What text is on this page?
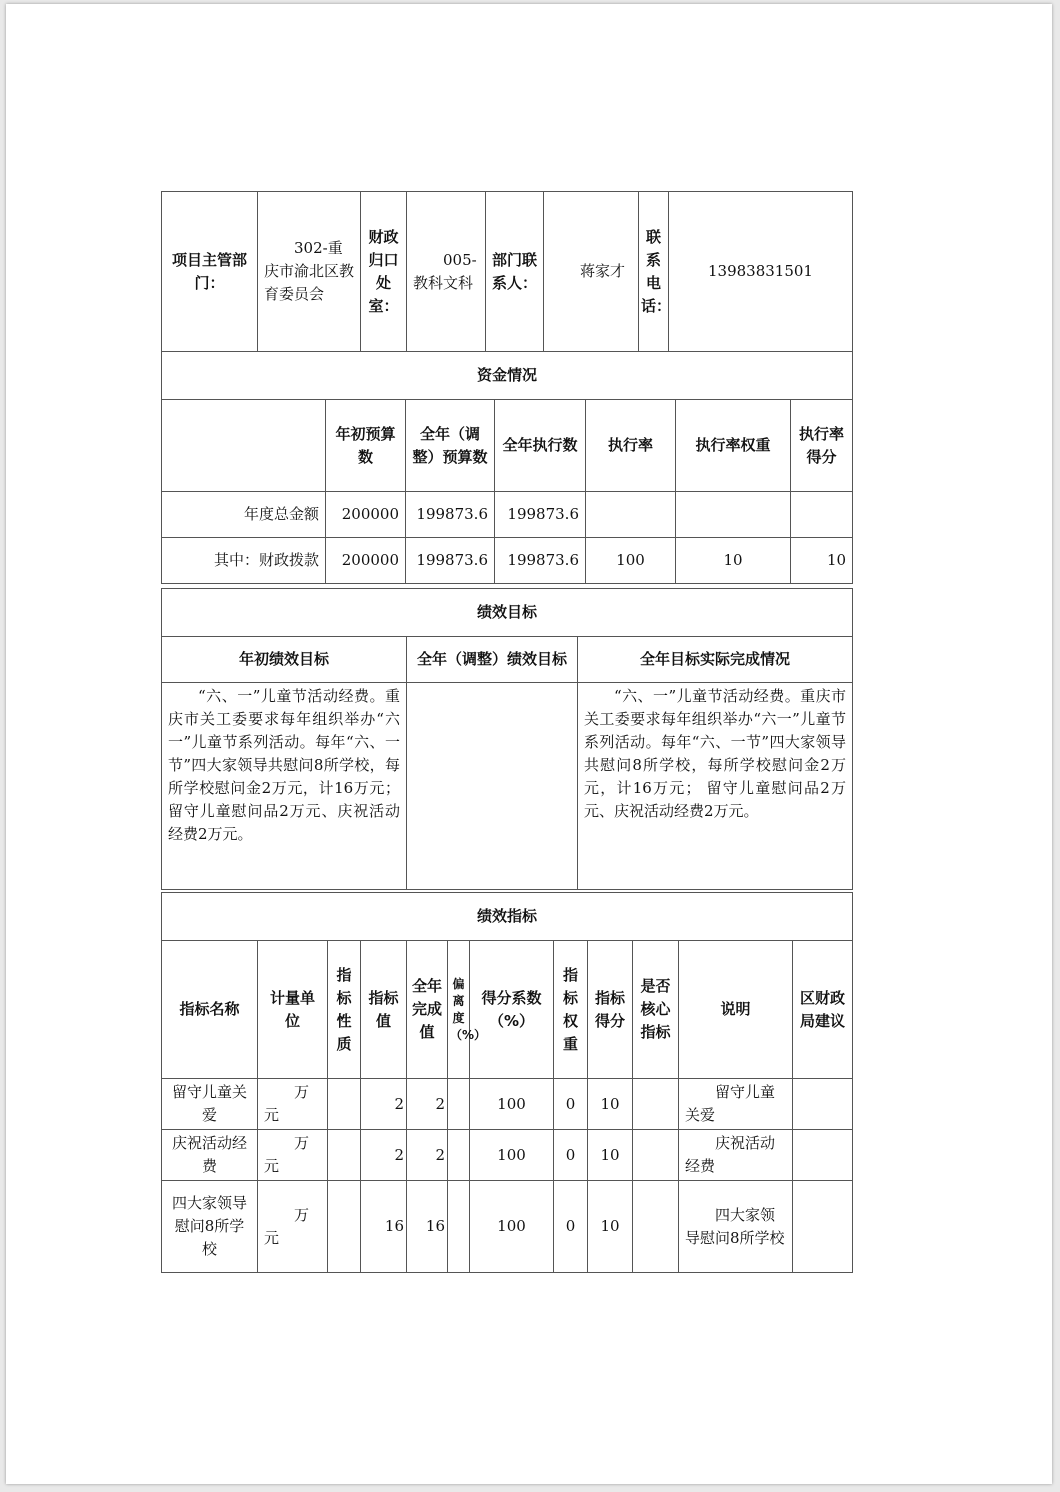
项目主管部门：	302-重庆市渝北区教育委员会	财政归口处室：	005-教科文科	部门联系人：	蒋家才	联系电话：	13983831501
资金情况						
	年初预算数	全年（调整）预算数	全年执行数	执行率	执行率权重	执行率得分
年度总金额	200000	199873.6	199873.6			
其中：财政拨款	200000	199873.6	199873.6	100	10	10
绩效目标		
年初绩效目标	全年（调整）绩效目标	全年目标实际完成情况
“六、一”儿童节活动经费。重庆市关工委要求每年组织举办“六一”儿童节系列活动。每年“六、一节”四大家领导共慰问8所学校，每所学校慰问金2万元，计16万元； 留守儿童慰问品2万元、庆祝活动经费2万元。		“六、一”儿童节活动经费。重庆市关工委要求每年组织举办“六一”儿童节系列活动。每年“六、一节”四大家领导共慰问8所学校，每所学校慰问金2万元，计16万元； 留守儿童慰问品2万元、庆祝活动经费2万元。
绩效指标											
指标名称	计量单位	指标性质	指标值	全年完成值	偏离度（%）	得分系数（%）	指标权重	指标得分	是否核心指标	说明	区财政局建议
留守儿童关爱	万元		2	2		100	0	10		留守儿童关爱	
庆祝活动经费	万元		2	2		100	0	10		庆祝活动经费	
四大家领导慰问8所学校	万元		16	16		100	0	10		四大家领导慰问8所学校	
